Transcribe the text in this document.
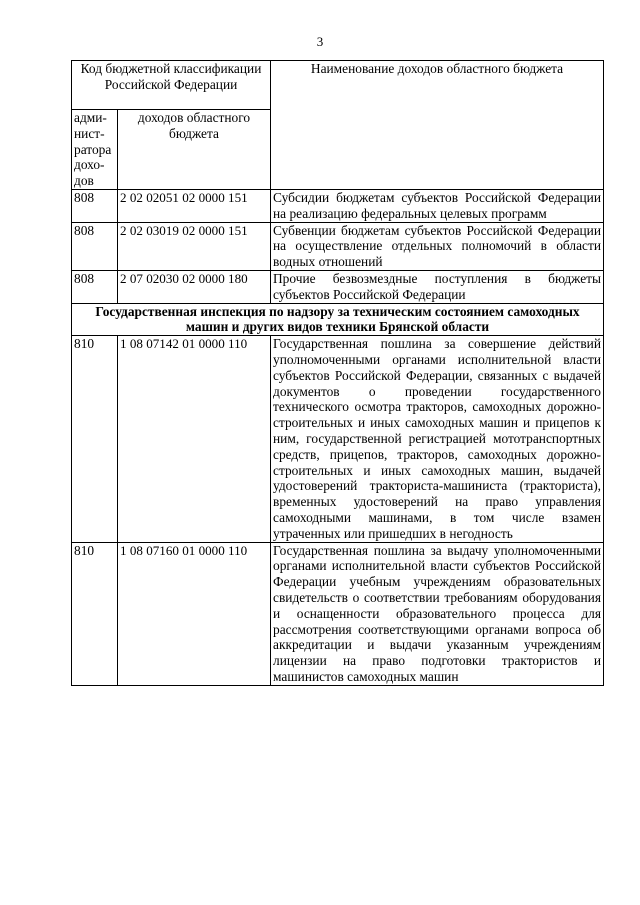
3
Код бюджетной классификации Российской Федерации		Наименование доходов областного бюджета
адми-нист-ратора дохо-дов	доходов областного бюджета	
808	2 02 02051 02 0000 151	Субсидии бюджетам субъектов Российской Федерации на реализацию федеральных целевых программ
808	2 02 03019 02 0000 151	Субвенции бюджетам субъектов Российской Федерации на осуществление отдельных полномочий в области водных отношений
808	2 07 02030 02 0000 180	Прочие безвозмездные поступления в бюджеты субъектов Российской Федерации
Государственная инспекция по надзору за техническим состоянием самоходных машин и других видов техники Брянской области		
810	1 08 07142 01 0000 110	Государственная пошлина за совершение действий уполномоченными органами исполнительной власти субъектов Российской Федерации, связанных с выдачей документов о проведении государственного технического осмотра тракторов, самоходных дорожно-строительных и иных самоходных машин и прицепов к ним, государственной регистрацией мототранспортных средств, прицепов, тракторов, самоходных дорожно-строительных и иных самоходных машин, выдачей удостоверений тракториста-машиниста (тракториста), временных удостоверений на право управления самоходными машинами, в том числе взамен утраченных или пришедших в негодность
810	1 08 07160 01 0000 110	Государственная пошлина за выдачу уполномоченными органами исполнительной власти субъектов Российской Федерации учебным учреждениям образовательных свидетельств о соответствии требованиям оборудования и оснащенности образовательного процесса для рассмотрения соответствующими органами вопроса об аккредитации и выдачи указанным учреждениям лицензии на право подготовки трактористов и машинистов самоходных машин
